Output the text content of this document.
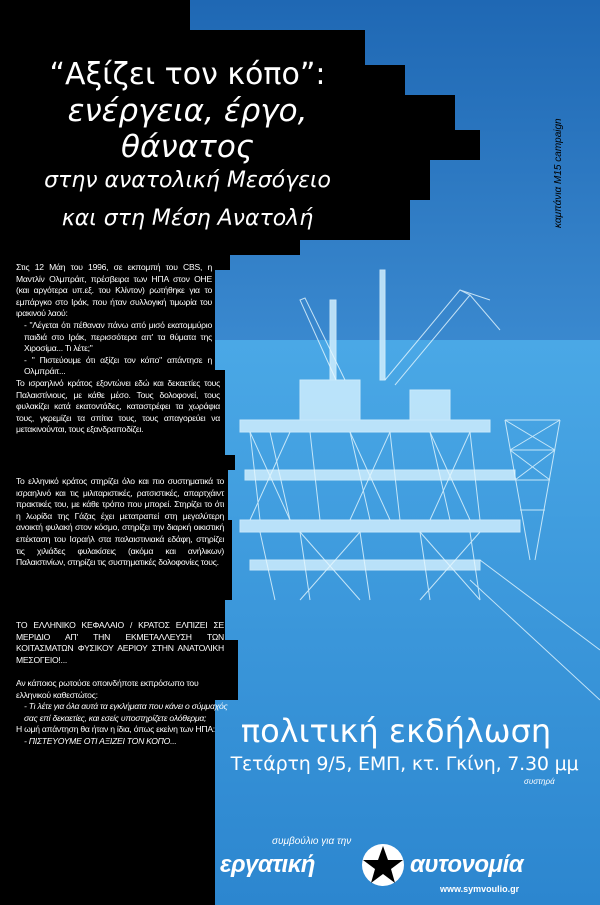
“Αξίζει τον κόπο”:
ενέργεια, έργο, θάνατος
στην ανατολική Μεσόγειο
και στη Μέση Ανατολή	καμπάνια M15 campaign

Στις 12 Μάη του 1996, σε εκπομπή του CBS, η Μαντλίν Ολμπράιτ, πρέσβειρα των ΗΠΑ στον ΟΗΕ (και αργότερα υπ.εξ. του Κλίντον) ρωτήθηκε για το εμπάργκο στο Ιράκ, που ήταν συλλογική τιμωρία του ιρακινού λαού:

- "Λέγεται ότι πέθαναν πάνω από μισό εκατομμύριο παιδιά στο Ιράκ, περισσότερα απ' τα θύματα της Χιροσίμα... Τι λέτε;"

- " Πιστεύουμε ότι αξίζει τον κόπο" απάντησε η Ολμπράιτ...

Το ισραηλινό κράτος εξοντώνει εδώ και δεκαετίες τους Παλαιστίνιους, με κάθε μέσο. Τους δολοφονεί, τους φυλακίζει κατά εκατοντάδες, καταστρέφει τα χωράφια τους, γκρεμίζει τα σπίτια τους, τους απαγορεύει να μετακινούνται, τους εξανδραποδίζει.
Το ελληνικό κράτος στηρίζει όλο και πιο συστηματικά το ισραηλινό και τις μιλιταριστικές, ρατσιστικές, απαρτχάιντ πρακτικές του, με κάθε τρόπο που μπορεί. Στηρίζει το ότι η λωρίδα της Γάζας έχει μετατραπεί στη μεγαλύτερη ανοικτή φυλακή στον κόσμο, στηρίζει την διαρκή οικιστική επέκταση του Ισραήλ στα παλαιστινιακά εδάφη, στηρίζει τις χιλιάδες φυλακίσεις (ακόμα και ανήλικων) Παλαιστινίων, στηρίζει τις συστηματικές δολοφονίες τους.
ΤΟ ΕΛΛΗΝΙΚΟ ΚΕΦΑΛΑΙΟ / ΚΡΑΤΟΣ ΕΛΠΙΖΕΙ ΣΕ ΜΕΡΙΔΙΟ ΑΠ' ΤΗΝ ΕΚΜΕΤΑΛΛΕΥΣΗ ΤΩΝ ΚΟΙΤΑΣΜΑΤΩΝ ΦΥΣΙΚΟΥ ΑΕΡΙΟΥ ΣΤΗΝ ΑΝΑΤΟΛΙΚΗ ΜΕΣΟΓΕΙΟ!...

Αν κάποιος ρωτούσε οποινδήποτε εκπρόσωπο του ελληνικού καθεστώτος:

- Τι λέτε για όλα αυτά τα εγκλήματα που κάνει ο σύμμαχός σας επί δεκαετίες, και εσείς υποστηρίζετε ολόθερμα;

Η ωμή απάντηση θα ήταν η ίδια, όπως εκείνη των ΗΠΑ:

- ΠΙΣΤΕΥΟΥΜΕ ΟΤΙ ΑΞΙΖΕΙ ΤΟΝ ΚΟΠΟ...	πολιτική εκδήλωση
Τετάρτη 9/5, ΕΜΠ, κτ. Γκίνη, 7.30 μμ
συστηρά
συμβούλιο για την
εργατική	αυτονομία
www.symvoulio.gr
